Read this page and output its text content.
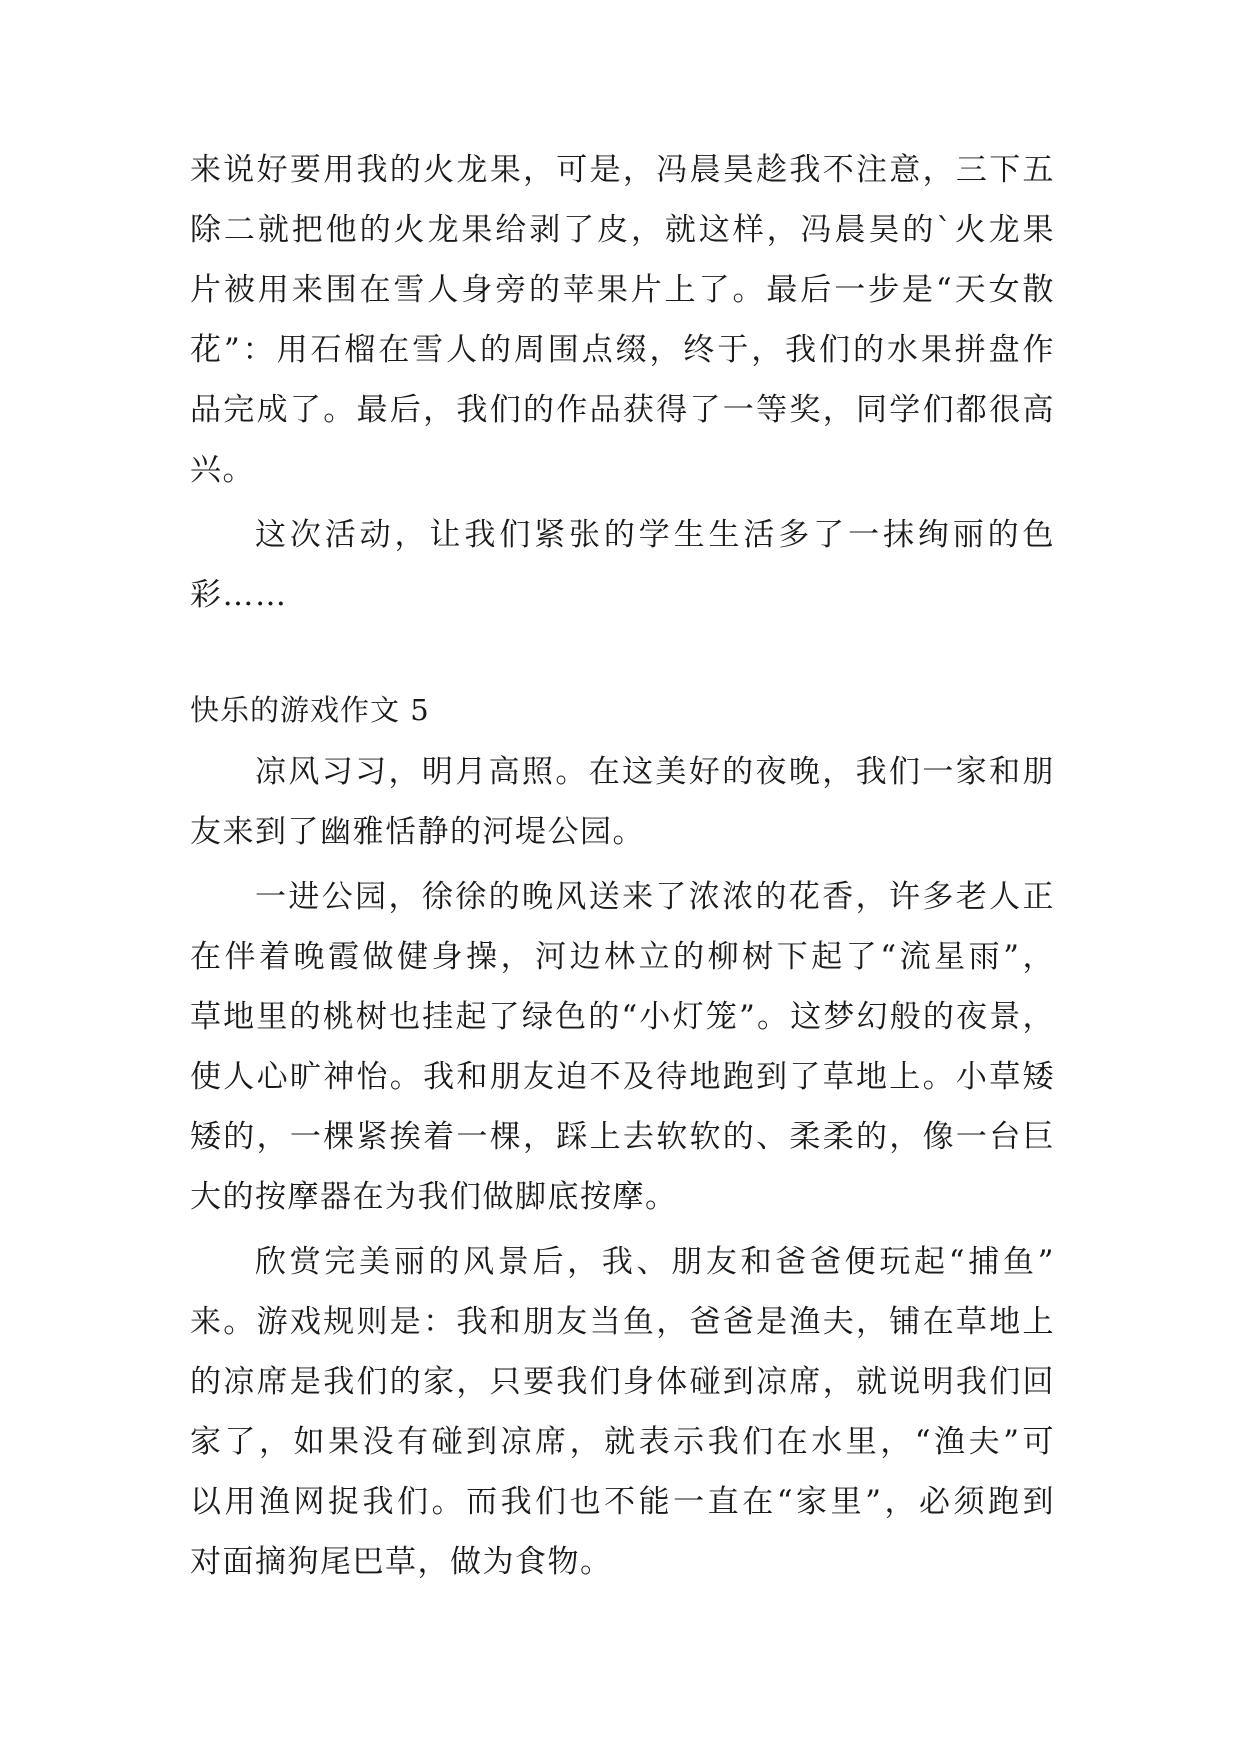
来说好要用我的火龙果，可是，冯晨昊趁我不注意，三下五
除二就把他的火龙果给剥了皮，就这样，冯晨昊的`火龙果
片被用来围在雪人身旁的苹果片上了。最后一步是“天女散
花”：用石榴在雪人的周围点缀，终于，我们的水果拼盘作
品完成了。最后，我们的作品获得了一等奖，同学们都很高
兴。
这次活动，让我们紧张的学生生活多了一抹绚丽的色
彩……
快乐的游戏作文 5
凉风习习，明月高照。在这美好的夜晚，我们一家和朋
友来到了幽雅恬静的河堤公园。
一进公园，徐徐的晚风送来了浓浓的花香，许多老人正
在伴着晚霞做健身操，河边林立的柳树下起了“流星雨”，
草地里的桃树也挂起了绿色的“小灯笼”。这梦幻般的夜景，
使人心旷神怡。我和朋友迫不及待地跑到了草地上。小草矮
矮的，一棵紧挨着一棵，踩上去软软的、柔柔的，像一台巨
大的按摩器在为我们做脚底按摩。
欣赏完美丽的风景后，我、朋友和爸爸便玩起“捕鱼”
来。游戏规则是：我和朋友当鱼，爸爸是渔夫，铺在草地上
的凉席是我们的家，只要我们身体碰到凉席，就说明我们回
家了，如果没有碰到凉席，就表示我们在水里，“渔夫”可
以用渔网捉我们。而我们也不能一直在“家里”，必须跑到
对面摘狗尾巴草，做为食物。
